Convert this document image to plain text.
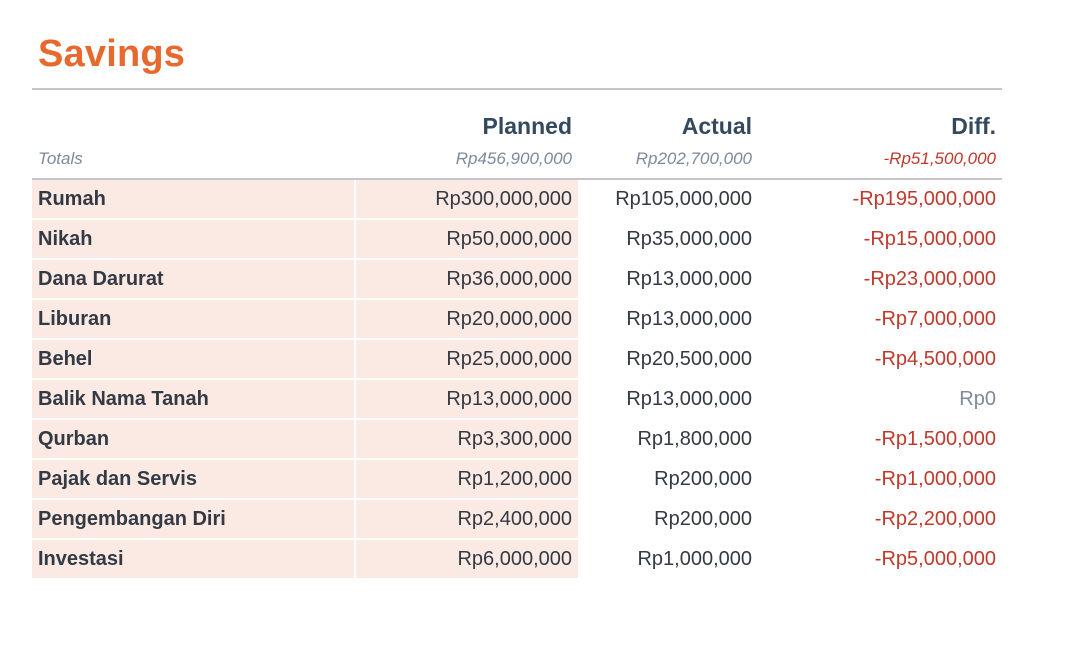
Savings
	Planned	Actual	Diff.
Totals	Rp456,900,000	Rp202,700,000	-Rp51,500,000
Rumah	Rp300,000,000	Rp105,000,000	-Rp195,000,000
Nikah	Rp50,000,000	Rp35,000,000	-Rp15,000,000
Dana Darurat	Rp36,000,000	Rp13,000,000	-Rp23,000,000
Liburan	Rp20,000,000	Rp13,000,000	-Rp7,000,000
Behel	Rp25,000,000	Rp20,500,000	-Rp4,500,000
Balik Nama Tanah	Rp13,000,000	Rp13,000,000	Rp0
Qurban	Rp3,300,000	Rp1,800,000	-Rp1,500,000
Pajak dan Servis	Rp1,200,000	Rp200,000	-Rp1,000,000
Pengembangan Diri	Rp2,400,000	Rp200,000	-Rp2,200,000
Investasi	Rp6,000,000	Rp1,000,000	-Rp5,000,000
